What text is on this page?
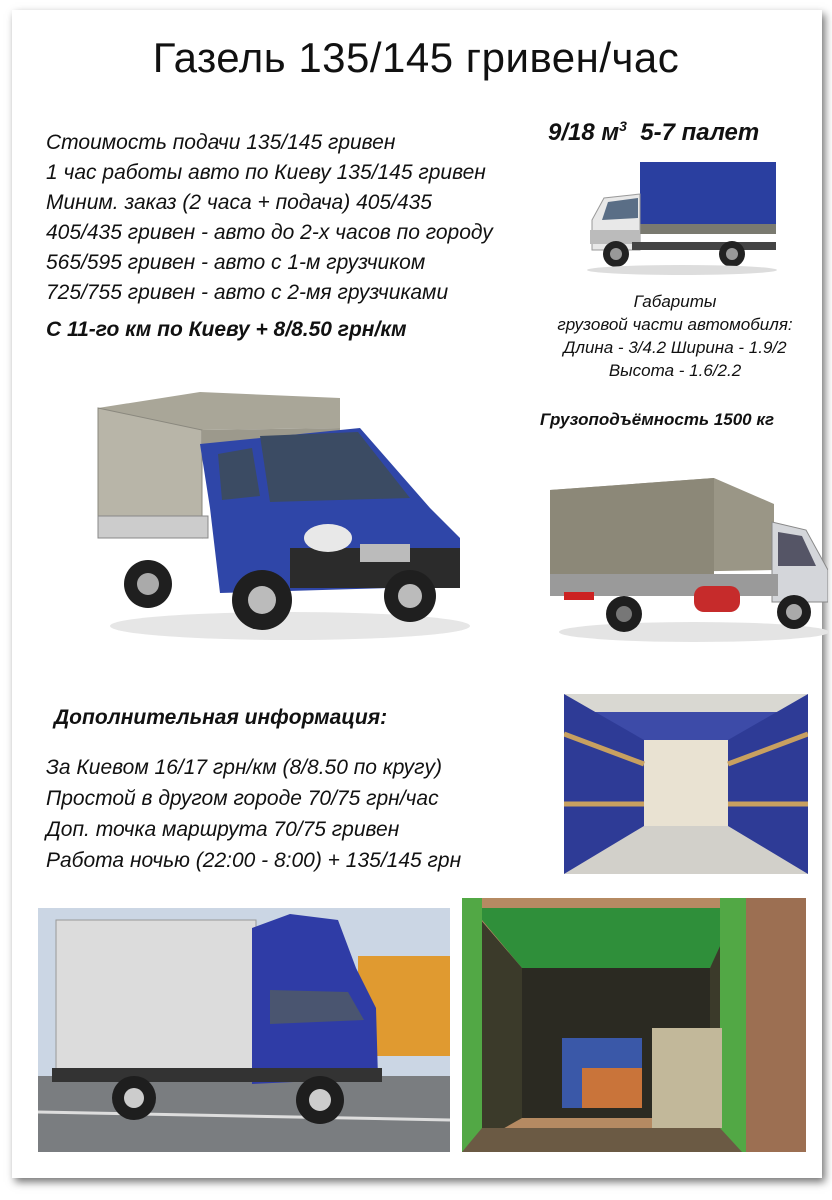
Газель 135/145 гривен/час
Стоимость подачи 135/145 гривен
1 час работы авто по Киеву 135/145 гривен
Миним. заказ (2 часа + подача) 405/435
405/435 гривен - авто до 2-х часов по городу
565/595 гривен - авто с 1-м грузчиком
725/755 гривен - авто с 2-мя грузчиками
С 11-го км по Киеву + 8/8.50 грн/км
9/18 $м^3$ 5-7 палет
Габариты
грузовой части автомобиля:
Длина - 3/4.2 Ширина - 1.9/2
Высота - 1.6/2.2
Грузоподъёмность 1500 кг
Дополнительная информация:
За Киевом 16/17 грн/км (8/8.50 по кругу)
Простой в другом городе 70/75 грн/час
Доп. точка маршрута 70/75 гривен
Работа ночью (22:00 - 8:00) + 135/145 грн
